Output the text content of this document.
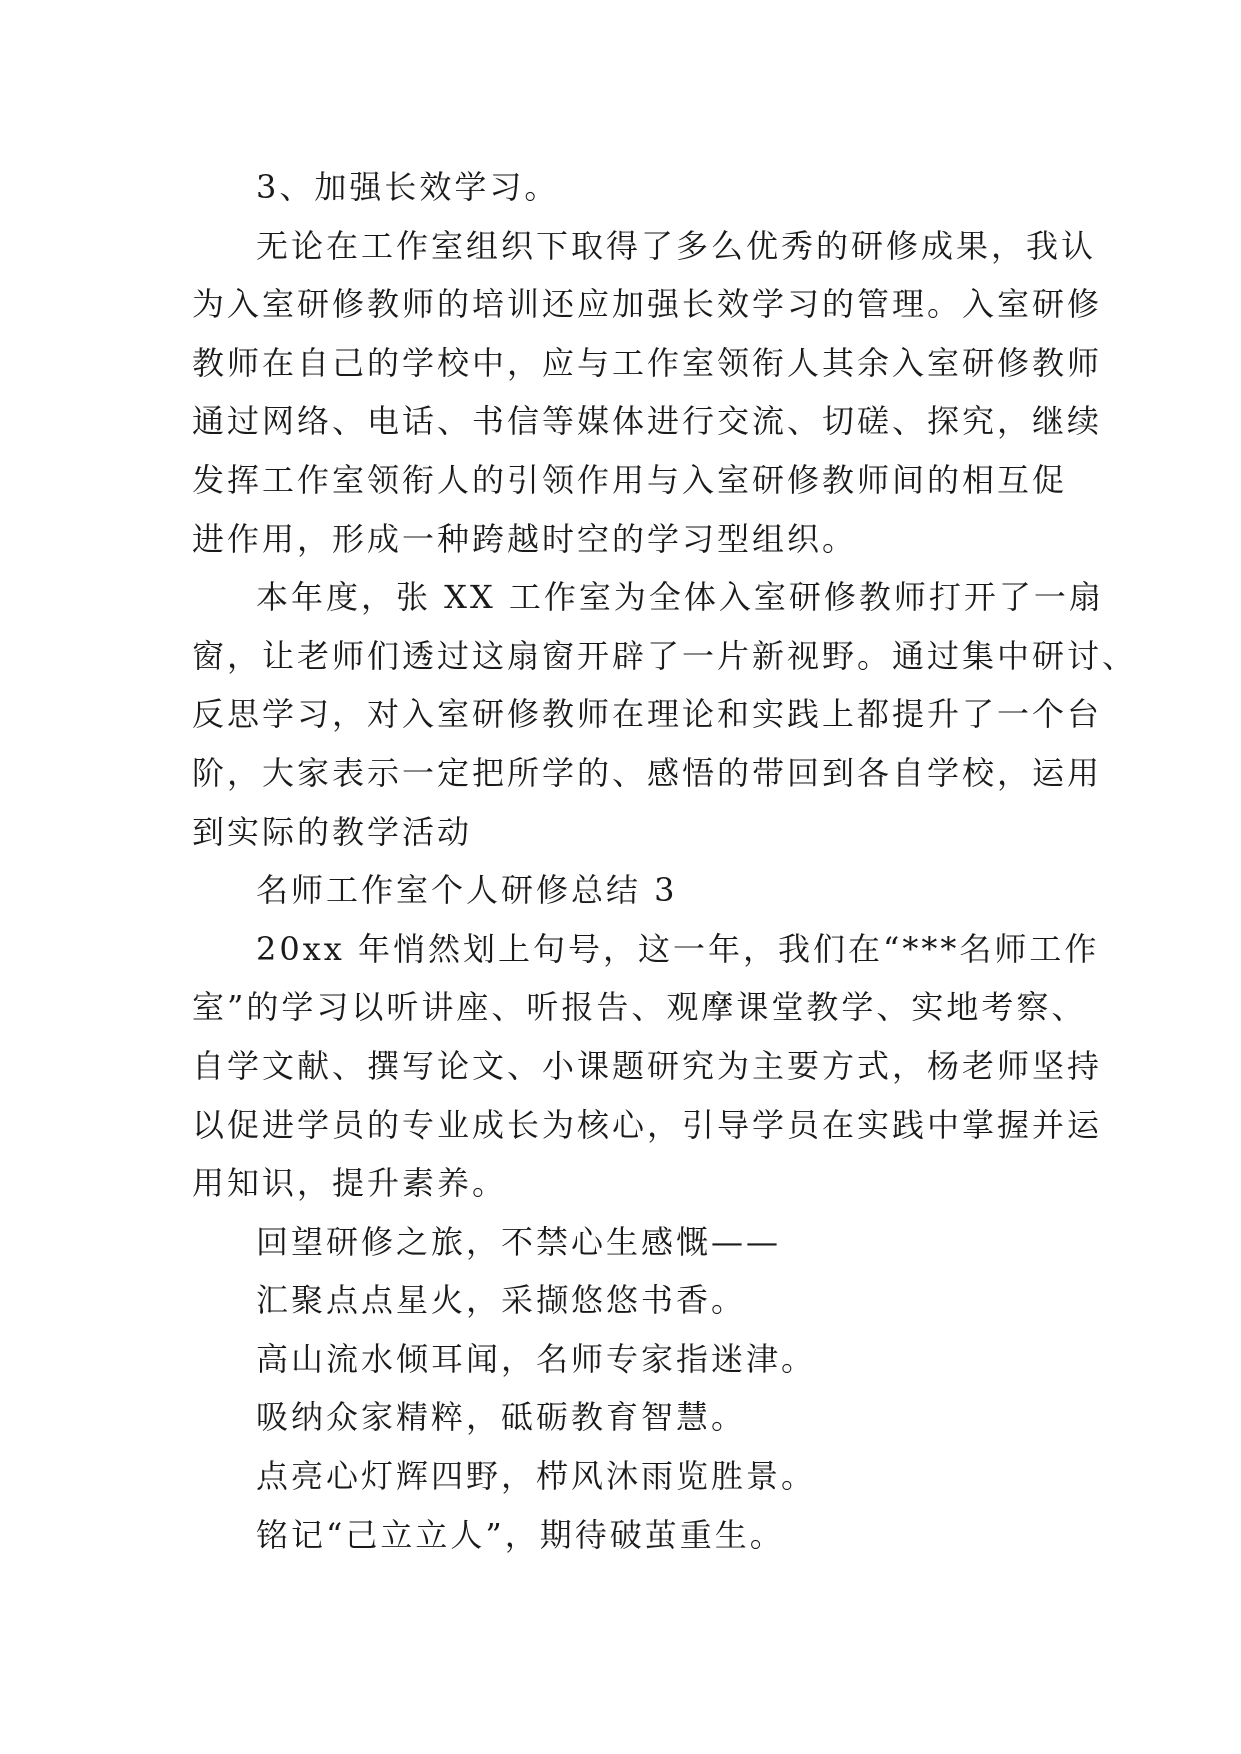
3、加强长效学习。
无论在工作室组织下取得了多么优秀的研修成果，我认
为入室研修教师的培训还应加强长效学习的管理。入室研修
教师在自己的学校中，应与工作室领衔人其余入室研修教师
通过网络、电话、书信等媒体进行交流、切磋、探究，继续
发挥工作室领衔人的引领作用与入室研修教师间的相互促
进作用，形成一种跨越时空的学习型组织。
本年度，张 XX 工作室为全体入室研修教师打开了一扇
窗，让老师们透过这扇窗开辟了一片新视野。通过集中研讨、
反思学习，对入室研修教师在理论和实践上都提升了一个台
阶，大家表示一定把所学的、感悟的带回到各自学校，运用
到实际的教学活动
名师工作室个人研修总结 3
20xx 年悄然划上句号，这一年，我们在“***名师工作
室”的学习以听讲座、听报告、观摩课堂教学、实地考察、
自学文献、撰写论文、小课题研究为主要方式，杨老师坚持
以促进学员的专业成长为核心，引导学员在实践中掌握并运
用知识，提升素养。
回望研修之旅，不禁心生感慨——
汇聚点点星火，采撷悠悠书香。
高山流水倾耳闻，名师专家指迷津。
吸纳众家精粹，砥砺教育智慧。
点亮心灯辉四野，栉风沐雨览胜景。
铭记“己立立人”，期待破茧重生。
